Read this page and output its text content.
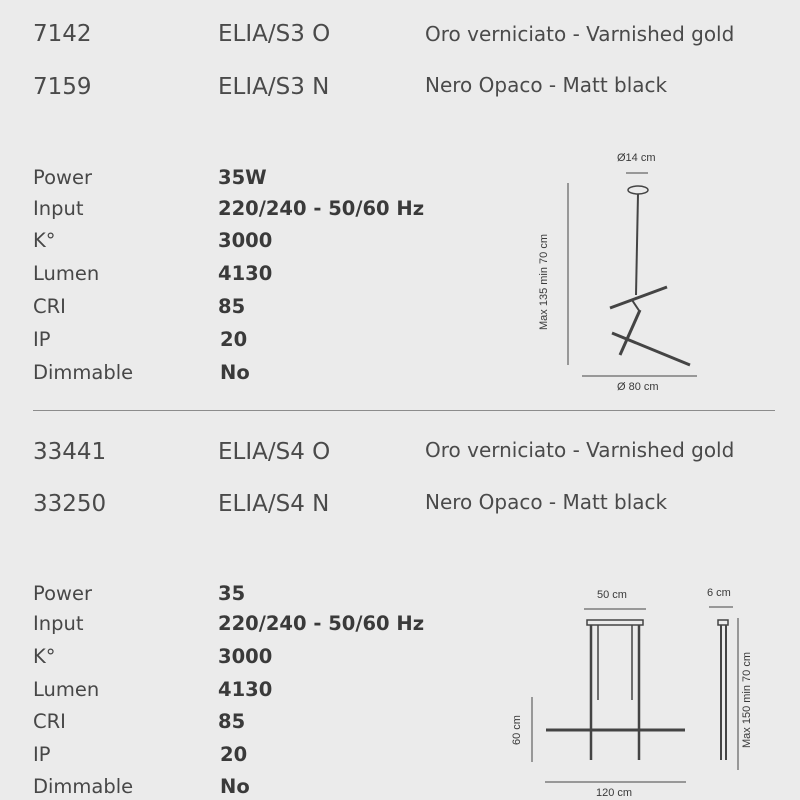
7142	ELIA/S3 O	Oro verniciato - Varnished gold
7159	ELIA/S3 N	Nero Opaco - Matt black
Power	35W
Input	220/240 - 50/60 Hz
K°	3000
Lumen	4130
CRI	85
IP	20
Dimmable	No
Ø14 cm
Max 135 min 70 cm
Ø 80 cm
33441	ELIA/S4 O	Oro verniciato - Varnished gold
33250	ELIA/S4 N	Nero Opaco - Matt black
Power	35
Input	220/240 - 50/60 Hz
K°	3000
Lumen	4130
CRI	85
IP	20
Dimmable	No
50 cm	6 cm
60 cm	Max 150 min 70 cm
120 cm
